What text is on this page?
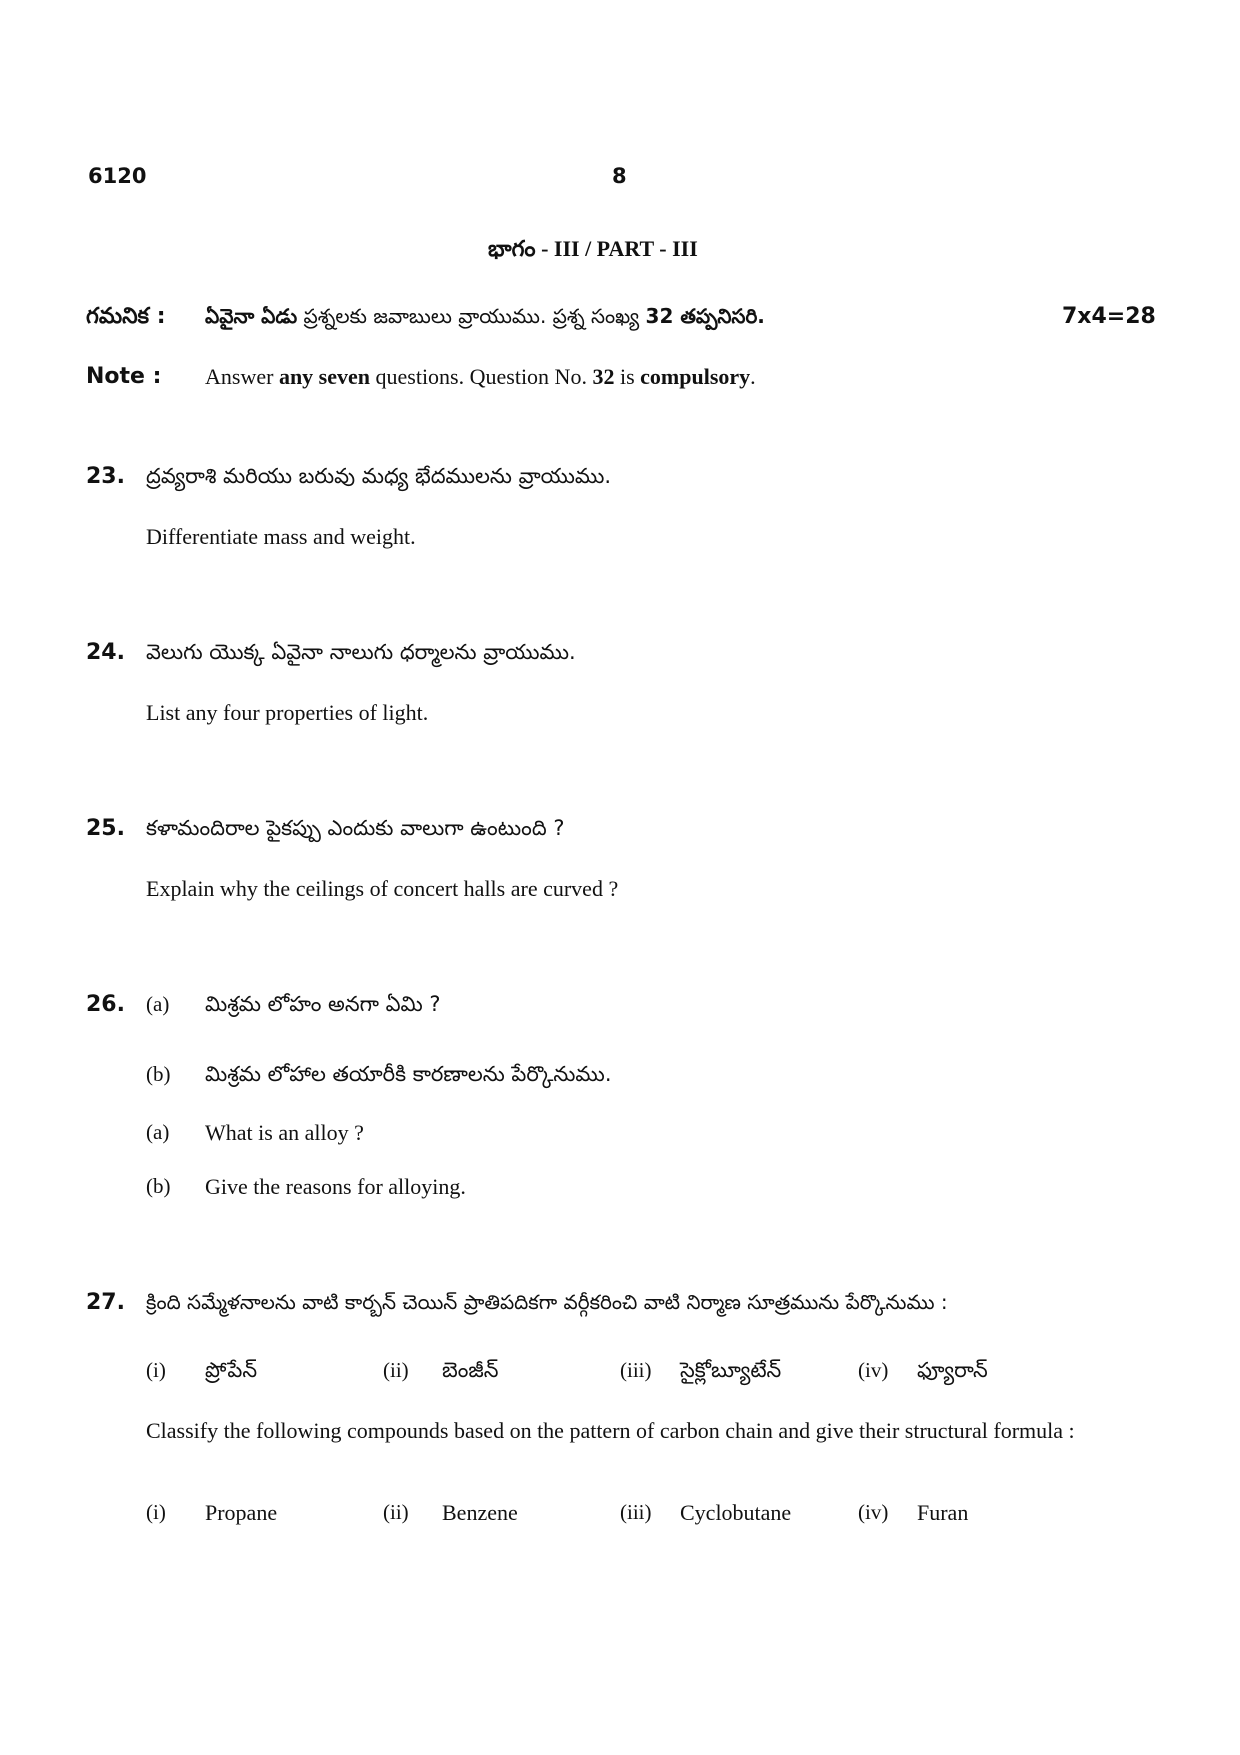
6120	8
భాగం - III / PART - III
గమనిక : ఏవైనా ఏడు ప్రశ్నలకు జవాబులు వ్రాయుము. ప్రశ్న సంఖ్య 32 తప్పనిసరి.	7x4=28
Note : Answer any seven questions. Question No. 32 is compulsory.
23. ద్రవ్యరాశి మరియు బరువు మధ్య భేదములను వ్రాయుము.
Differentiate mass and weight.
24. వెలుగు యొక్క ఏవైనా నాలుగు ధర్మాలను వ్రాయుము.
List any four properties of light.
25. కళామందిరాల పైకప్పు ఎందుకు వాలుగా ఉంటుంది ?
Explain why the ceilings of concert halls are curved ?
26. (a) మిశ్రమ లోహం అనగా ఏమి ?
(b) మిశ్రమ లోహాల తయారీకి కారణాలను పేర్కొనుము.
(a) What is an alloy ?
(b) Give the reasons for alloying.
27. క్రింది సమ్మేళనాలను వాటి కార్బన్ చెయిన్ ప్రాతిపదికగా వర్గీకరించి వాటి నిర్మాణ సూత్రమును పేర్కొనుము :
(i) ప్రోపేన్	(ii) బెంజీన్	(iii) సైక్లోబ్యూటేన్	(iv) ఫ్యూరాన్
Classify the following compounds based on the pattern of carbon chain and give their structural formula :
(i) Propane	(ii) Benzene	(iii) Cyclobutane	(iv) Furan
